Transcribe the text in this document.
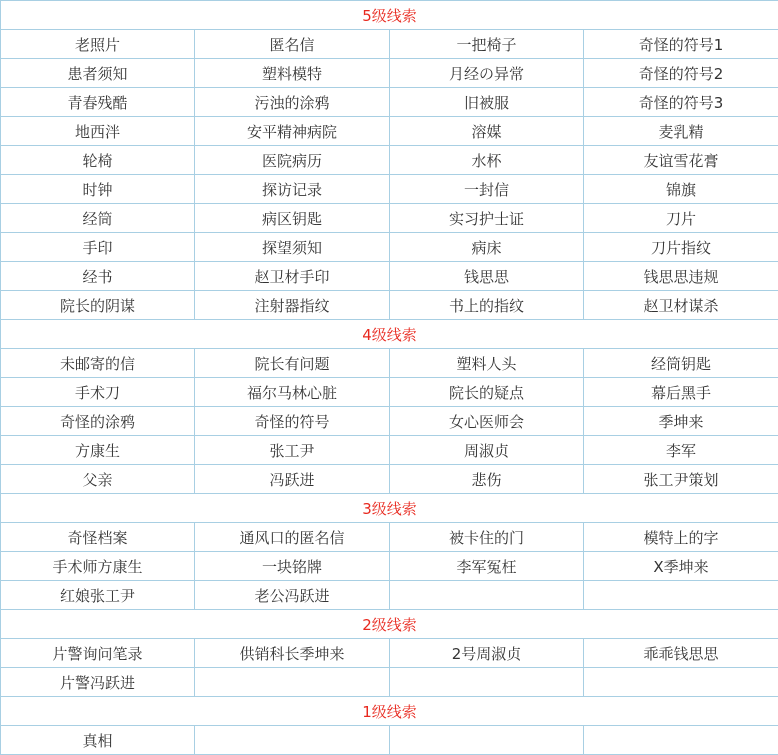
5级线索			
老照片	匿名信	一把椅子	奇怪的符号1
患者须知	塑料模特	月经の异常	奇怪的符号2
青春残酷	污浊的涂鸦	旧被服	奇怪的符号3
地西泮	安平精神病院	溶媒	麦乳精
轮椅	医院病历	水杯	友谊雪花膏
时钟	探访记录	一封信	锦旗
经筒	病区钥匙	实习护士证	刀片
手印	探望须知	病床	刀片指纹
经书	赵卫材手印	钱思思	钱思思违规
院长的阴谋	注射器指纹	书上的指纹	赵卫材谋杀
4级线索			
未邮寄的信	院长有问题	塑料人头	经筒钥匙
手术刀	福尔马林心脏	院长的疑点	幕后黑手
奇怪的涂鸦	奇怪的符号	女心医师会	季坤来
方康生	张工尹	周淑贞	李军
父亲	冯跃进	悲伤	张工尹策划
3级线索			
奇怪档案	通风口的匿名信	被卡住的门	模特上的字
手术师方康生	一块铭牌	李军冤枉	X季坤来
红娘张工尹	老公冯跃进		
2级线索			
片警询问笔录	供销科长季坤来	2号周淑贞	乖乖钱思思
片警冯跃进			
1级线索			
真相			
